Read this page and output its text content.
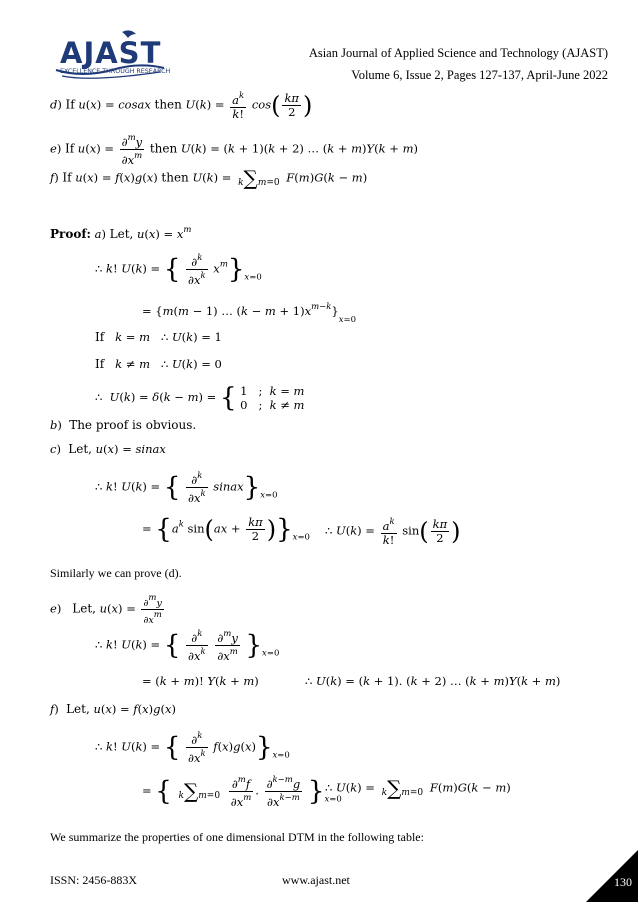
AJAST
EXCELLENCE THROUGH RESEARCH
Asian Journal of Applied Science and Technology (AJAST)
Volume 6, Issue 2, Pages 127-137, April-June 2022
d) If u(x) = cosax then $U(k) = \frac{a^k}{k!} \cos( \frac{k\pi}{2}$ )
e) If $u(x) = \frac{\partial^my}{\partial x^m}$ then U(k) = (k + 1)(k + 2) … (k + m)Y(k + m)
f) If u(x) = f(x)g(x) then U(k) = k∑m=0 F(m)G(k − m)
Proof: a) Let, $u(x) = x^m$
∴ k! U(k) = { $\frac{\partial^k}{\partial x^k} x^m\}_{x=0}$
= {m(m − 1) … $(k - m + 1)x^{m-k}\}_{x=0}$
If   k = m   ∴ U(k) = 1
If   k ≠ m   ∴ U(k) = 0
∴  U(k) = δ(k − m) = { 1   ;  k = m
0   ;  k ≠ m
b)  The proof is obvious.
c)  Let, u(x) = sinax
∴ k! U(k) = { $\frac{\partial^k}{\partial x^k}$ $sinax\}_{x=0}$
= {$a^k$ $\sin(ax + \frac{k\pi}{2} )\}_{x=0}$ ∴ $U(k) = \frac{a^k}{k!} \sin( \frac{k\pi}{2}$ )
Similarly we can prove (d).
e)   Let, $u(x) = \frac{\partial my}{\partial xm}$
∴ k! U(k) = { $\frac{\partial^k}{\partial x^k}$
$\frac{\partial^my}{\partial x^m} \}_{x=0}$
= (k + m)! Y(k + m)	∴ U(k) = (k + 1). (k + 2) … (k + m)Y(k + m)
f)  Let, u(x) = f(x)g(x)
∴ k! U(k) = { $\frac{\partial^k}{\partial x^k} f(x)g(x)\}_{x=0}$
= { $k\sum m=0 \frac{\partial^mf}{\partial x^m}$ . $\frac{\partial^{k-m}g}{\partial x^{k-m}} \}_{x=0}$
∴ U(k) = k∑m=0 F(m)G(k − m)
We summarize the properties of one dimensional DTM in the following table:
ISSN: 2456-883X	www.ajast.net	130
